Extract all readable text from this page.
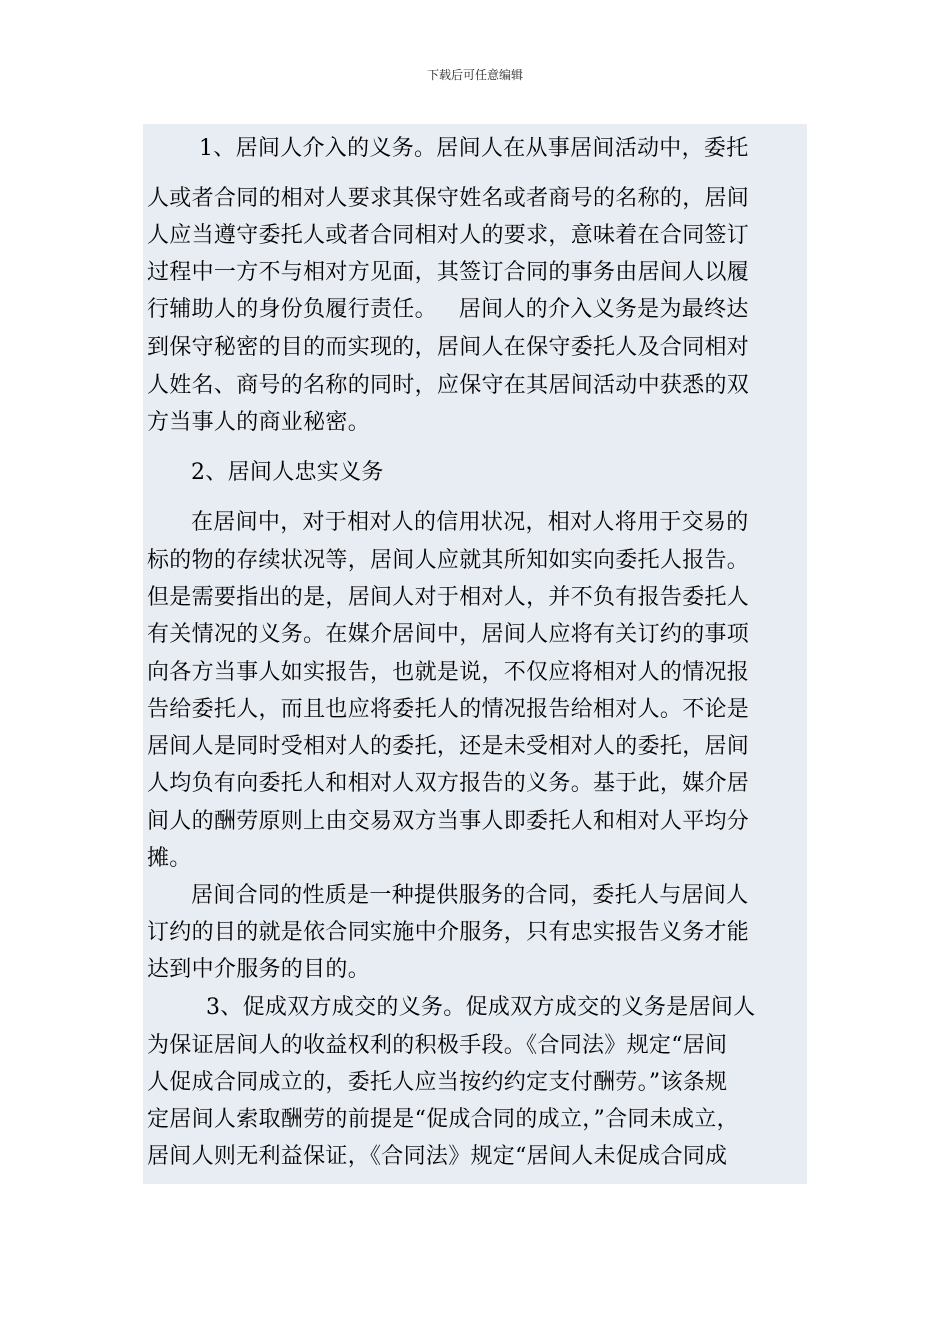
下载后可任意编辑
1、居间人介入的义务。居间人在从事居间活动中，委托
人或者合同的相对人要求其保守姓名或者商号的名称的，居间
人应当遵守委托人或者合同相对人的要求，意味着在合同签订
过程中一方不与相对方见面，其签订合同的事务由居间人以履
行辅助人的身份负履行责任。   居间人的介入义务是为最终达
到保守秘密的目的而实现的，居间人在保守委托人及合同相对
人姓名、商号的名称的同时，应保守在其居间活动中获悉的双
方当事人的商业秘密。
2、居间人忠实义务
在居间中，对于相对人的信用状况，相对人将用于交易的
标的物的存续状况等，居间人应就其所知如实向委托人报告。
但是需要指出的是，居间人对于相对人，并不负有报告委托人
有关情况的义务。在媒介居间中，居间人应将有关订约的事项
向各方当事人如实报告，也就是说，不仅应将相对人的情况报
告给委托人，而且也应将委托人的情况报告给相对人。不论是
居间人是同时受相对人的委托，还是未受相对人的委托，居间
人均负有向委托人和相对人双方报告的义务。基于此，媒介居
间人的酬劳原则上由交易双方当事人即委托人和相对人平均分
摊。
居间合同的性质是一种提供服务的合同，委托人与居间人
订约的目的就是依合同实施中介服务，只有忠实报告义务才能
达到中介服务的目的。
3、促成双方成交的义务。促成双方成交的义务是居间人
为保证居间人的收益权利的积极手段。《合同法》规定“居间
人促成合同成立的，委托人应当按约约定支付酬劳。”该条规
定居间人索取酬劳的前提是“促成合同的成立，”合同未成立，
居间人则无利益保证，《合同法》规定“居间人未促成合同成
